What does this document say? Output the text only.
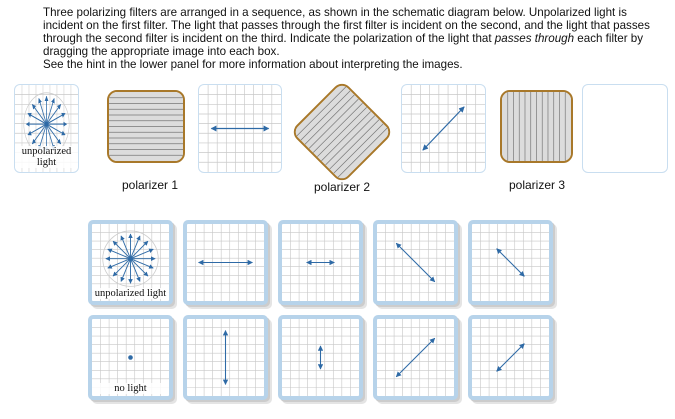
Three polarizing filters are arranged in a sequence, as shown in the schematic diagram below. Unpolarized light is incident on the first filter. The light that passes through the first filter is incident on the second, and the light that passes through the second filter is incident on the third. Indicate the polarization of the light that passes through each filter by dragging the appropriate image into each box.
See the hint in the lower panel for more information about interpreting the images.
unpolarized light
polarizer 1	polarizer 2	polarizer 3
unpolarized light
no light
